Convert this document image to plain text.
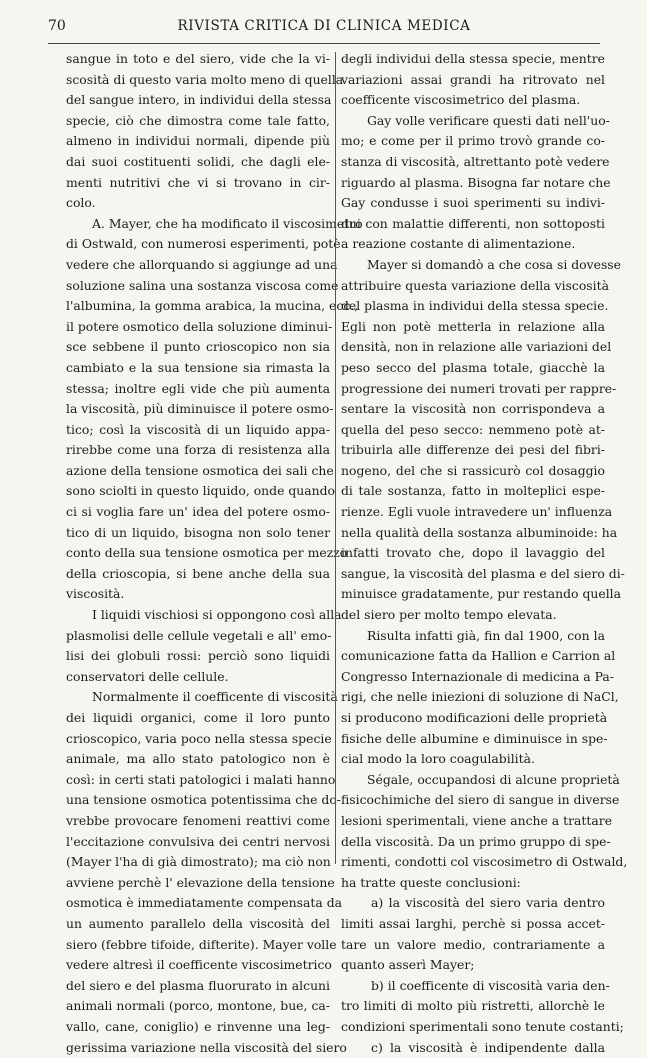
70	RIVISTA CRITICA DI CLINICA MEDICA
sangue in toto e del siero, vide che la vi-
scosità di questo varia molto meno di quella
del sangue intero, in individui della stessa
specie, ciò che dimostra come tale fatto,
almeno in individui normali, dipende più
dai suoi costituenti solidi, che dagli ele-
menti nutritivi che vi si trovano in cir-
colo.
A. Mayer, che ha modificato il viscosimetro
di Ostwald, con numerosi esperimenti, potè
vedere che allorquando si aggiunge ad una
soluzione salina una sostanza viscosa come
l'albumina, la gomma arabica, la mucina, ecc.,
il potere osmotico della soluzione diminui-
sce sebbene il punto crioscopico non sia
cambiato e la sua tensione sia rimasta la
stessa; inoltre egli vide che più aumenta
la viscosità, più diminuisce il potere osmo-
tico; così la viscosità di un liquido appa-
rirebbe come una forza di resistenza alla
azione della tensione osmotica dei sali che
sono sciolti in questo liquido, onde quando
ci si voglia fare un' idea del potere osmo-
tico di un liquido, bisogna non solo tener
conto della sua tensione osmotica per mezzo
della crioscopia, si bene anche della sua
viscosità.
I liquidi vischiosi si oppongono così alla
plasmolisi delle cellule vegetali e all' emo-
lisi dei globuli rossi: perciò sono liquidi
conservatori delle cellule.
Normalmente il coefficente di viscosità
dei liquidi organici, come il loro punto
crioscopico, varia poco nella stessa specie
animale, ma allo stato patologico non è
così: in certi stati patologici i malati hanno
una tensione osmotica potentissima che do-
vrebbe provocare fenomeni reattivi come
l'eccitazione convulsiva dei centri nervosi
(Mayer l'ha di già dimostrato); ma ciò non
avviene perchè l' elevazione della tensione
osmotica è immediatamente compensata da
un aumento parallelo della viscosità del
siero (febbre tifoide, difterite). Mayer volle
vedere altresì il coefficente viscosimetrico
del siero e del plasma fluorurato in alcuni
animali normali (porco, montone, bue, ca-
vallo, cane, coniglio) e rinvenne una leg-
gerissima variazione nella viscosità del siero
degli individui della stessa specie, mentre
variazioni assai grandi ha ritrovato nel
coefficente viscosimetrico del plasma.
Gay volle verificare questi dati nell'uo-
mo; e come per il primo trovò grande co-
stanza di viscosità, altrettanto potè vedere
riguardo al plasma. Bisogna far notare che
Gay condusse i suoi sperimenti su indivi-
dui con malattie differenti, non sottoposti
a reazione costante di alimentazione.
Mayer si domandò a che cosa si dovesse
attribuire questa variazione della viscosità
del plasma in individui della stessa specie.
Egli non potè metterla in relazione alla
densità, non in relazione alle variazioni del
peso secco del plasma totale, giacchè la
progressione dei numeri trovati per rappre-
sentare la viscosità non corrispondeva a
quella del peso secco: nemmeno potè at-
tribuirla alle differenze dei pesi del fibri-
nogeno, del che si rassicurò col dosaggio
di tale sostanza, fatto in molteplici espe-
rienze. Egli vuole intravedere un' influenza
nella qualità della sostanza albuminoide: ha
infatti trovato che, dopo il lavaggio del
sangue, la viscosità del plasma e del siero di-
minuisce gradatamente, pur restando quella
del siero per molto tempo elevata.
Risulta infatti già, fin dal 1900, con la
comunicazione fatta da Hallion e Carrion al
Congresso Internazionale di medicina a Pa-
rigi, che nelle iniezioni di soluzione di NaCl,
si producono modificazioni delle proprietà
fisiche delle albumine e diminuisce in spe-
cial modo la loro coagulabilità.
Ségale, occupandosi di alcune proprietà
fisicochimiche del siero di sangue in diverse
lesioni sperimentali, viene anche a trattare
della viscosità. Da un primo gruppo di spe-
rimenti, condotti col viscosimetro di Ostwald,
ha tratte queste conclusioni:
a) la viscosità del siero varia dentro
limiti assai larghi, perchè si possa accet-
tare un valore medio, contrariamente a
quanto asserì Mayer;
b) il coefficente di viscosità varia den-
tro limiti di molto più ristretti, allorchè le
condizioni sperimentali sono tenute costanti;
c) la viscosità è indipendente dalla
